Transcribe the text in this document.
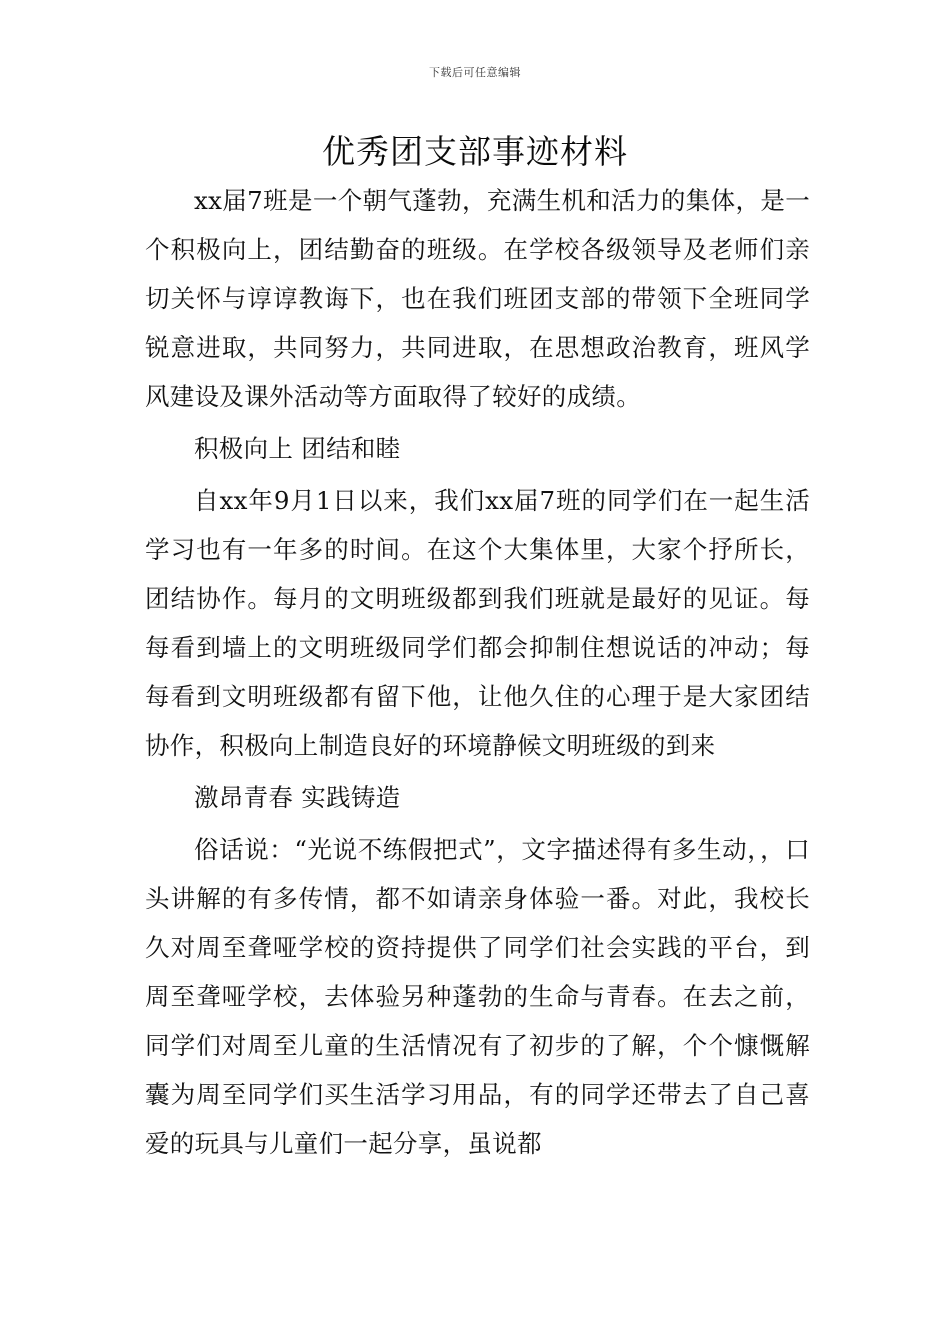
下载后可任意编辑
优秀团支部事迹材料

xx届7班是一个朝气蓬勃，充满生机和活力的集体，是一个积极向上，团结勤奋的班级。在学校各级领导及老师们亲切关怀与谆谆教诲下，也在我们班团支部的带领下全班同学锐意进取，共同努力，共同进取，在思想政治教育，班风学风建设及课外活动等方面取得了较好的成绩。

积极向上 团结和睦

自xx年9月1日以来，我们xx届7班的同学们在一起生活学习也有一年多的时间。在这个大集体里，大家个抒所长，团结协作。每月的文明班级都到我们班就是最好的见证。每每看到墙上的文明班级同学们都会抑制住想说话的冲动；每每看到文明班级都有留下他，让他久住的心理于是大家团结协作，积极向上制造良好的环境静候文明班级的到来

激昂青春 实践铸造

俗话说：“光说不练假把式”，文字描述得有多生动，，口头讲解的有多传情，都不如请亲身体验一番。对此，我校长久对周至聋哑学校的资持提供了同学们社会实践的平台，到周至聋哑学校，去体验另种蓬勃的生命与青春。在去之前，同学们对周至儿童的生活情况有了初步的了解，个个慷慨解囊为周至同学们买生活学习用品，有的同学还带去了自己喜爱的玩具与儿童们一起分享，虽说都
